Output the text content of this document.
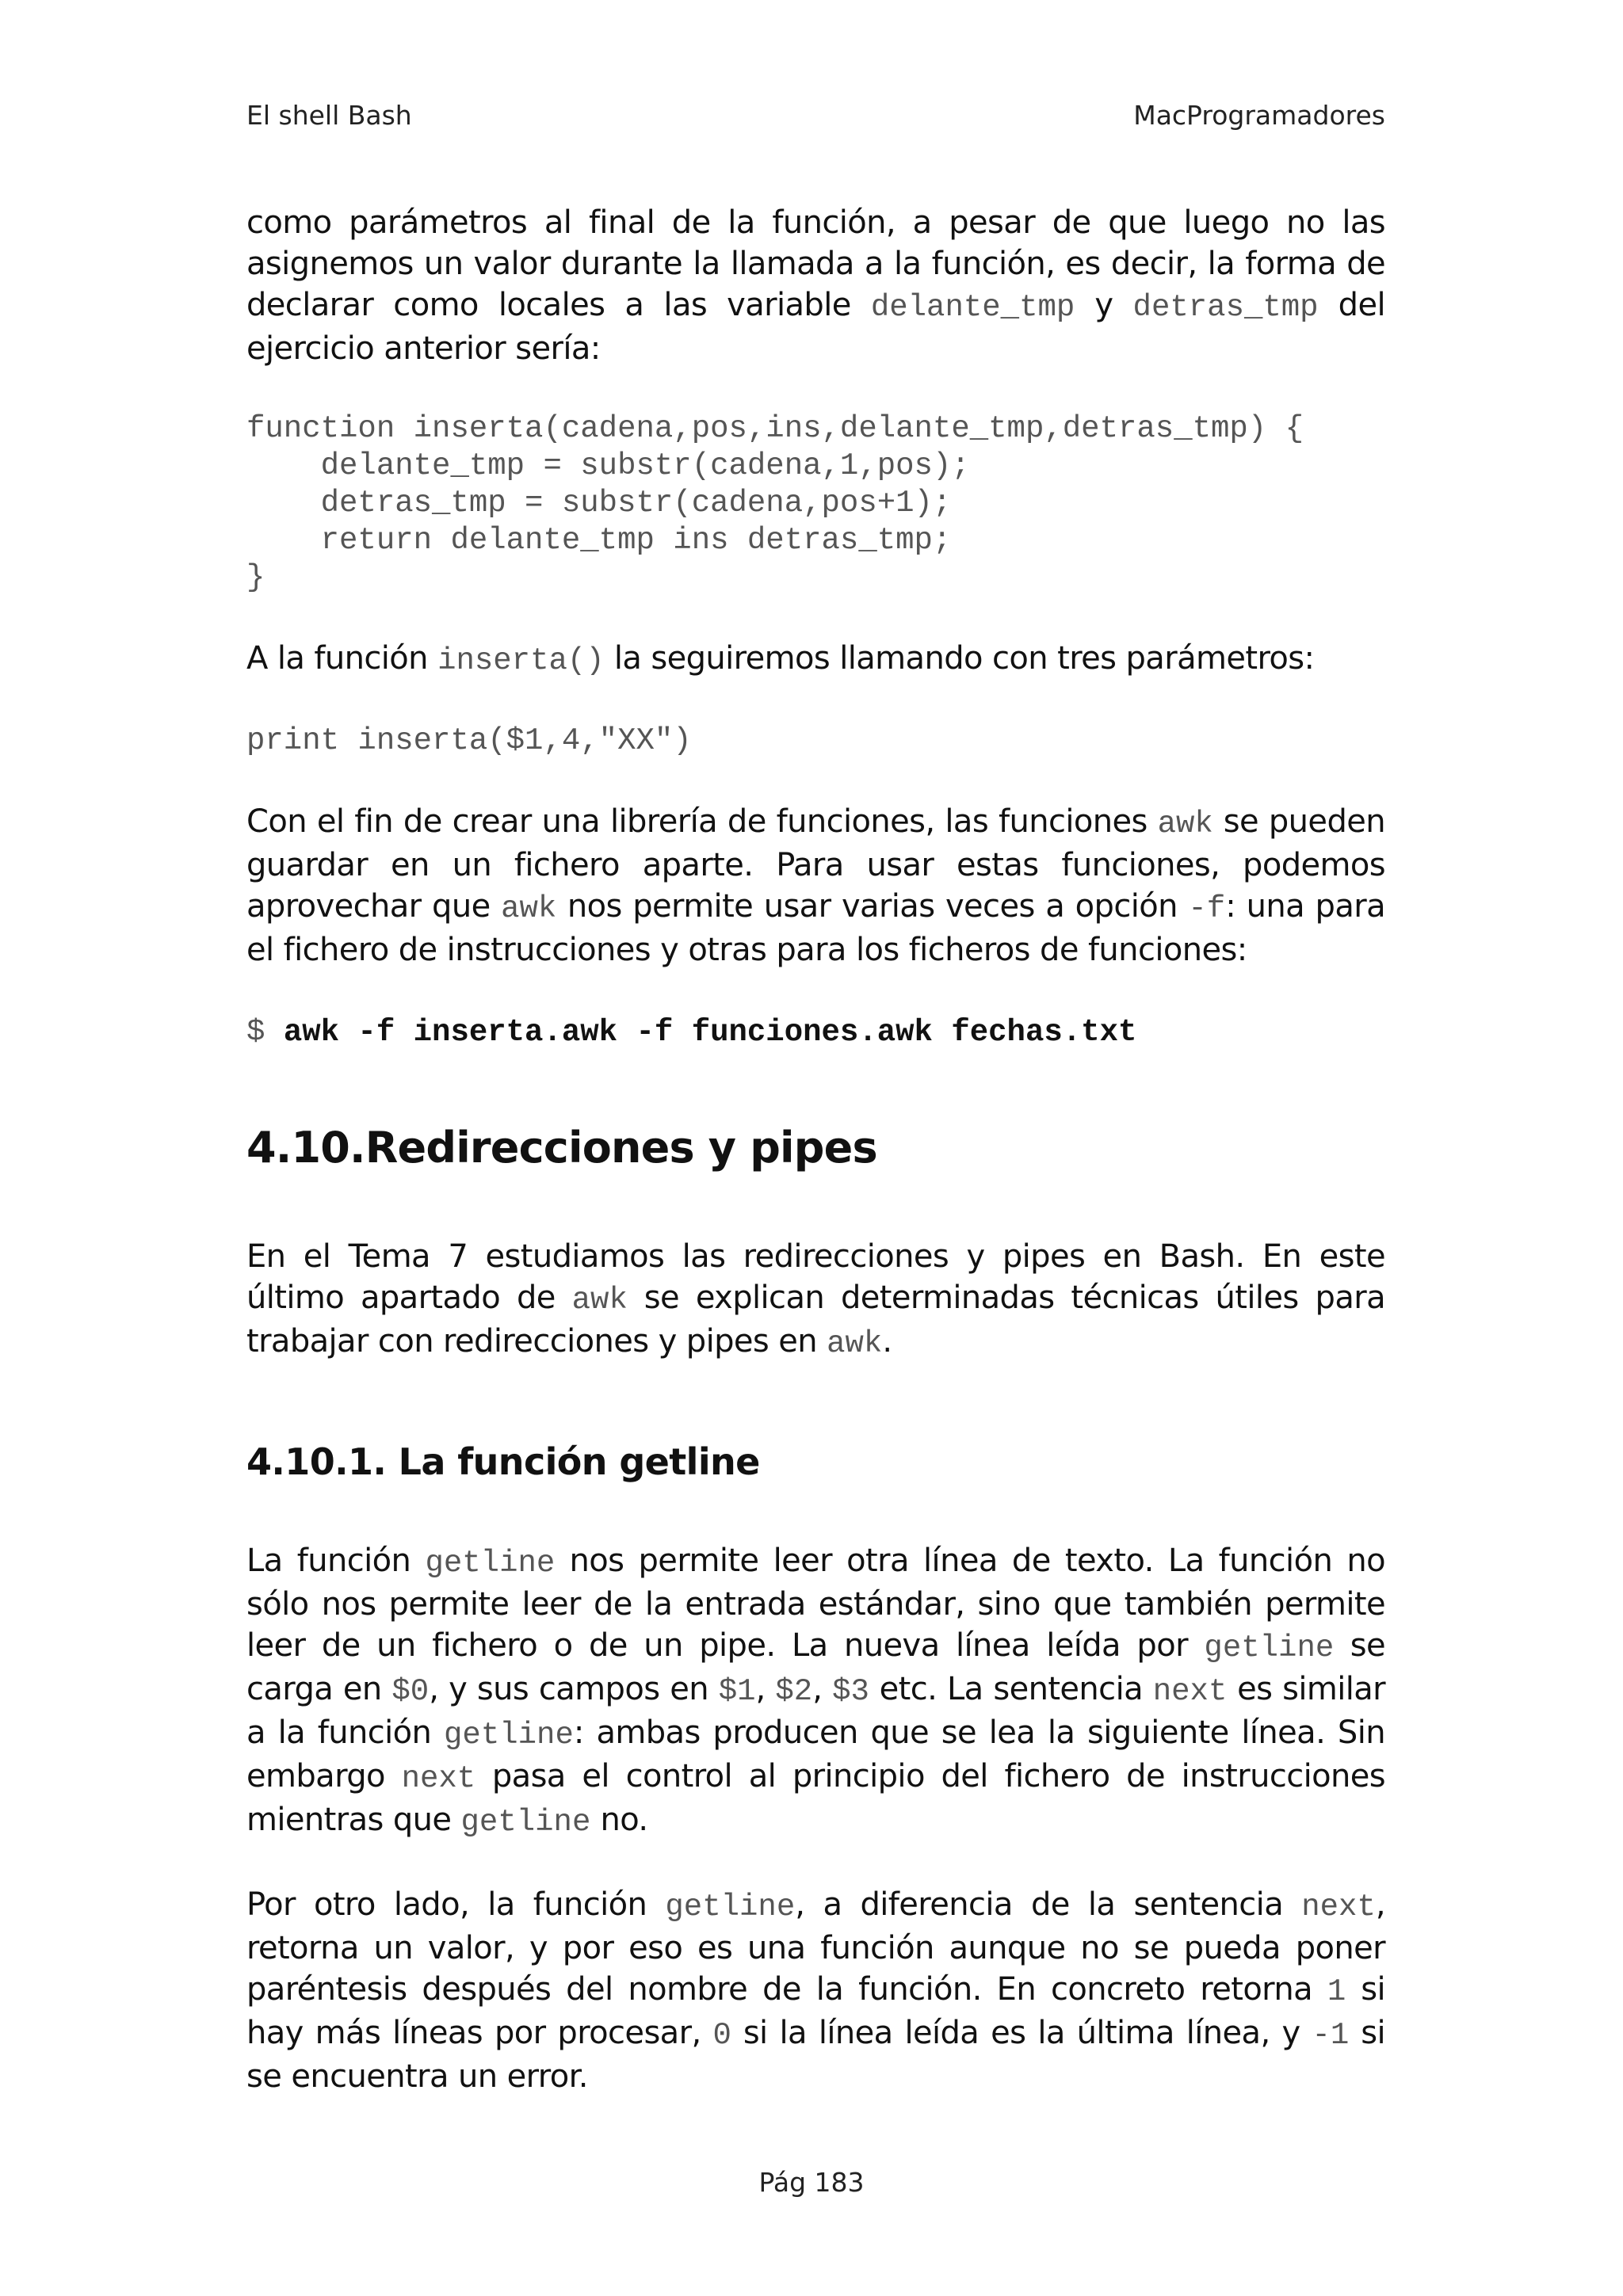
El shell Bash	MacProgramadores

como parámetros al final de la función, a pesar de que luego no las asignemos un valor durante la llamada a la función, es decir, la forma de declarar como locales a las variable delante_tmp y detras_tmp del ejercicio anterior sería:

function inserta(cadena,pos,ins,delante_tmp,detras_tmp) {
delante_tmp = substr(cadena,1,pos);
detras_tmp = substr(cadena,pos+1);
return delante_tmp ins detras_tmp;
}

A la función inserta() la seguiremos llamando con tres parámetros:

print inserta($1,4,"XX")

Con el fin de crear una librería de funciones, las funciones awk se pueden guardar en un fichero aparte. Para usar estas funciones, podemos aprovechar que awk nos permite usar varias veces a opción -f: una para el fichero de instrucciones y otras para los ficheros de funciones:

$ awk -f inserta.awk -f funciones.awk fechas.txt
4.10.Redirecciones y pipes

En el Tema 7 estudiamos las redirecciones y pipes en Bash. En este último apartado de awk se explican determinadas técnicas útiles para trabajar con redirecciones y pipes en awk.

4.10.1. La función getline

La función getline nos permite leer otra línea de texto. La función no sólo nos permite leer de la entrada estándar, sino que también permite leer de un fichero o de un pipe. La nueva línea leída por getline se carga en $0, y sus campos en $1, $2, $3 etc. La sentencia next es similar a la función getline: ambas producen que se lea la siguiente línea. Sin embargo next pasa el control al principio del fichero de instrucciones mientras que getline no.

Por otro lado, la función getline, a diferencia de la sentencia next, retorna un valor, y por eso es una función aunque no se pueda poner paréntesis después del nombre de la función. En concreto retorna 1 si hay más líneas por procesar, 0 si la línea leída es la última línea, y -1 si se encuentra un error.

Pág 183
